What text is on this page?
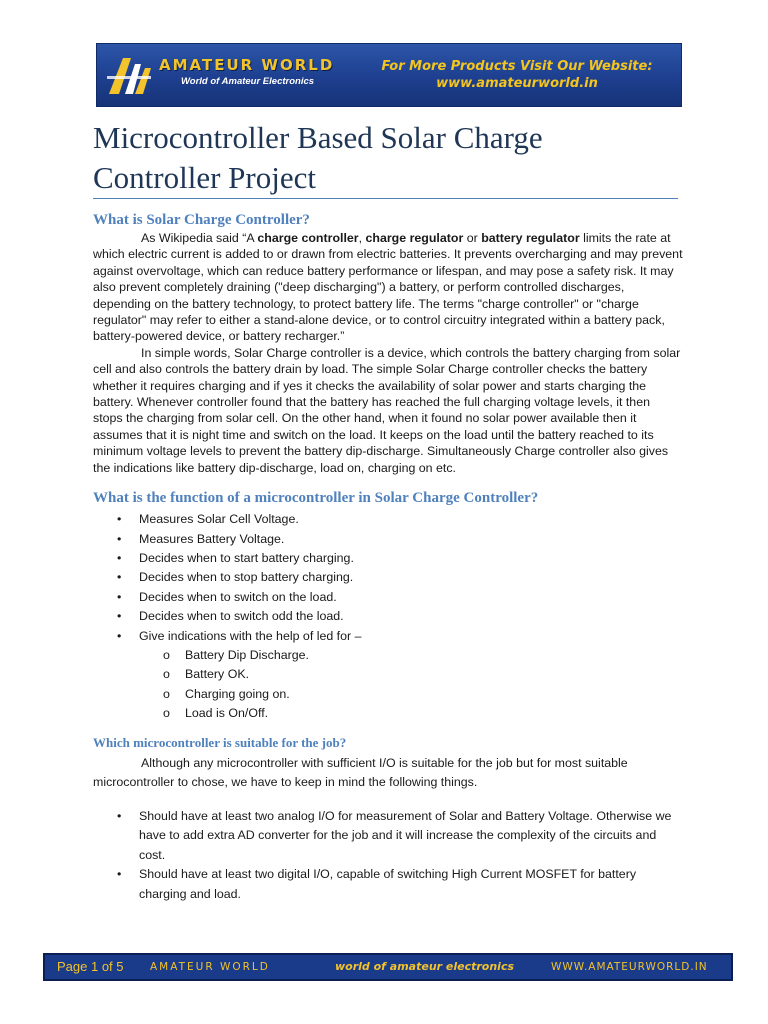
AMATEUR WORLD
World of Amateur Electronics
For More Products Visit Our Website:
www.amateurworld.in
Microcontroller Based Solar Charge
Controller Project
What is Solar Charge Controller?

As Wikipedia said “A charge controller, charge regulator or battery regulator limits the rate at which electric current is added to or drawn from electric batteries. It prevents overcharging and may prevent against overvoltage, which can reduce battery performance or lifespan, and may pose a safety risk. It may also prevent completely draining ("deep discharging") a battery, or perform controlled discharges, depending on the battery technology, to protect battery life. The terms "charge controller" or "charge regulator" may refer to either a stand-alone device, or to control circuitry integrated within a battery pack, battery-powered device, or battery recharger.”

In simple words, Solar Charge controller is a device, which controls the battery charging from solar cell and also controls the battery drain by load. The simple Solar Charge controller checks the battery whether it requires charging and if yes it checks the availability of solar power and starts charging the battery. Whenever controller found that the battery has reached the full charging voltage levels, it then stops the charging from solar cell. On the other hand, when it found no solar power available then it assumes that it is night time and switch on the load. It keeps on the load until the battery reached to its minimum voltage levels to prevent the battery dip-discharge. Simultaneously Charge controller also gives the indications like battery dip-discharge, load on, charging on etc.

What is the function of a microcontroller in Solar Charge Controller?
• Measures Solar Cell Voltage.
• Measures Battery Voltage.
• Decides when to start battery charging.
• Decides when to stop battery charging.
• Decides when to switch on the load.
• Decides when to switch odd the load.
• Give indications with the help of led for –
o Battery Dip Discharge.
o Battery OK.
o Charging going on.
o Load is On/Off.
Which microcontroller is suitable for the job?

Although any microcontroller with sufficient I/O is suitable for the job but for most suitable microcontroller to chose, we have to keep in mind the following things.

• Should have at least two analog I/O for measurement of Solar and Battery Voltage. Otherwise we have to add extra AD converter for the job and it will increase the complexity of the circuits and cost.
• Should have at least two digital I/O, capable of switching High Current MOSFET for battery charging and load.
Page 1 of 5	AMATEUR WORLD	world of amateur electronics	WWW.AMATEURWORLD.IN
